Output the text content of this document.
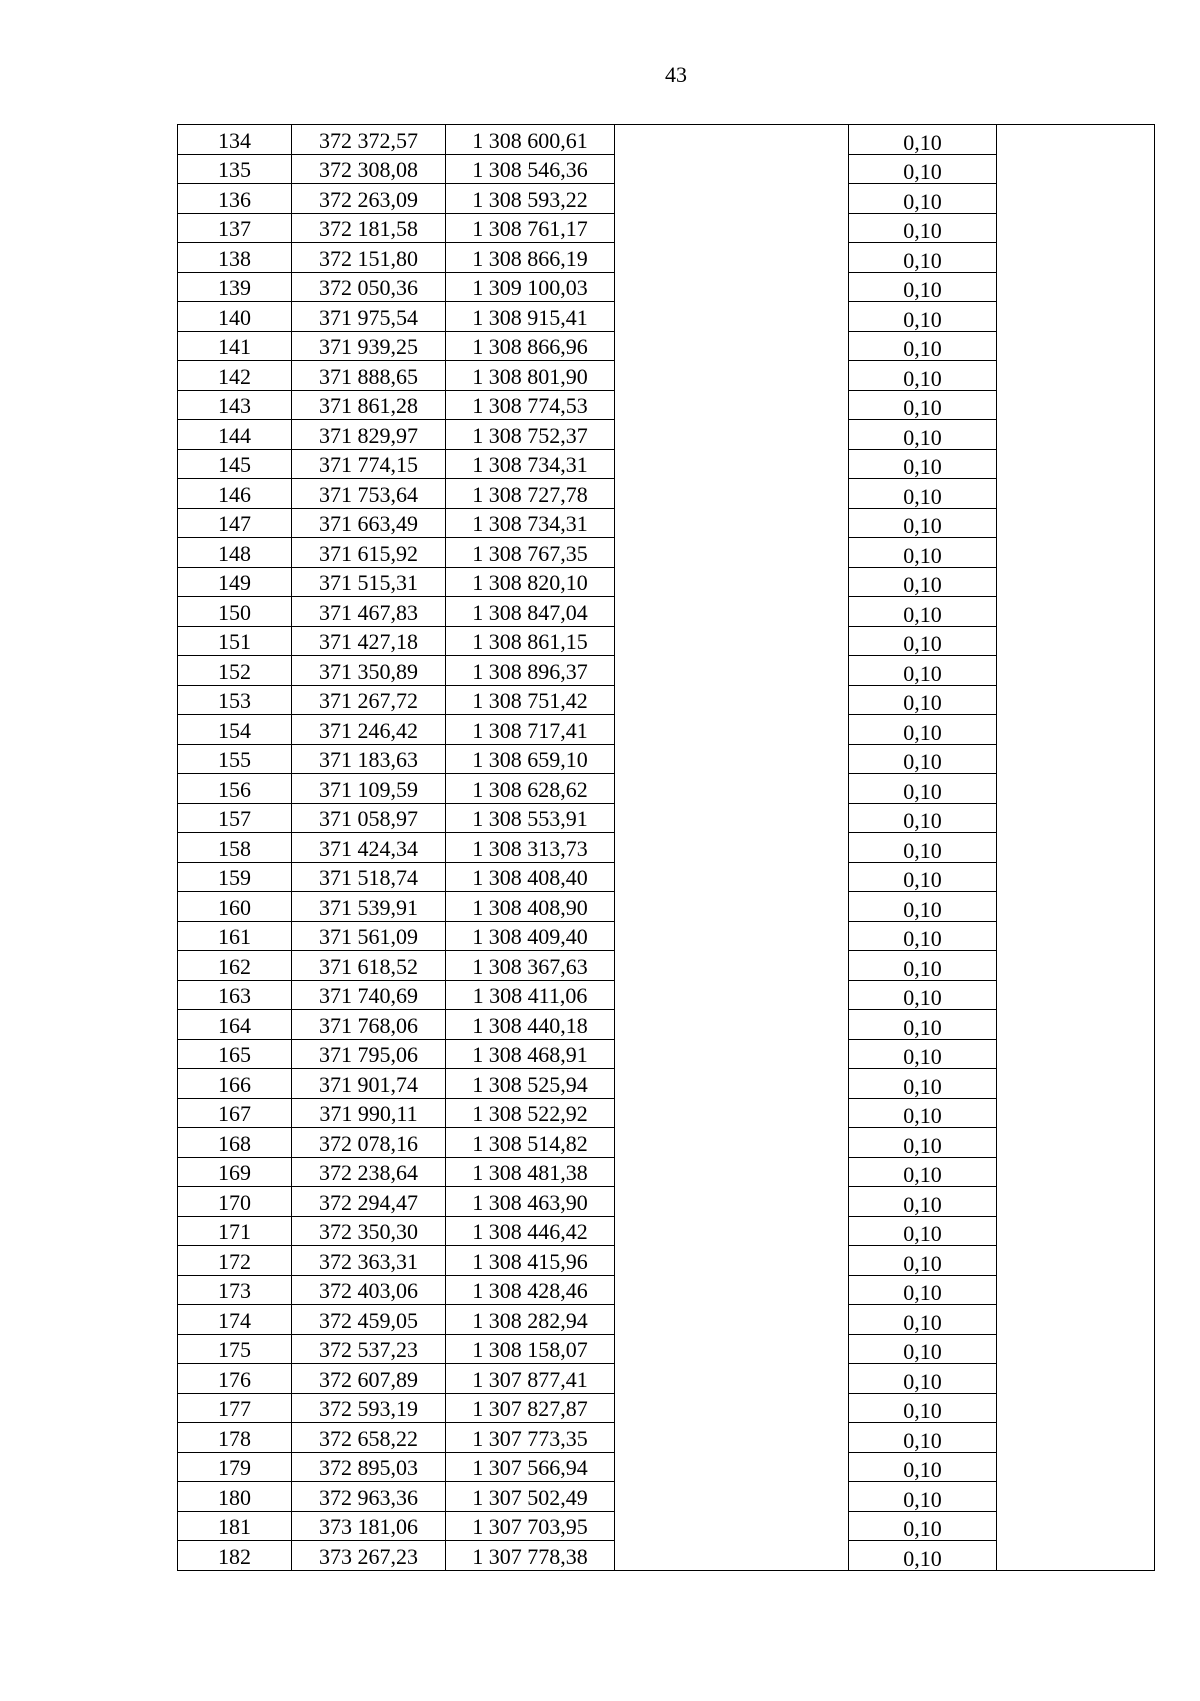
43
134	372 372,57	1 308 600,61		0,10	
135	372 308,08	1 308 546,36		0,10	
136	372 263,09	1 308 593,22		0,10	
137	372 181,58	1 308 761,17		0,10	
138	372 151,80	1 308 866,19		0,10	
139	372 050,36	1 309 100,03		0,10	
140	371 975,54	1 308 915,41		0,10	
141	371 939,25	1 308 866,96		0,10	
142	371 888,65	1 308 801,90		0,10	
143	371 861,28	1 308 774,53		0,10	
144	371 829,97	1 308 752,37		0,10	
145	371 774,15	1 308 734,31		0,10	
146	371 753,64	1 308 727,78		0,10	
147	371 663,49	1 308 734,31		0,10	
148	371 615,92	1 308 767,35		0,10	
149	371 515,31	1 308 820,10		0,10	
150	371 467,83	1 308 847,04		0,10	
151	371 427,18	1 308 861,15		0,10	
152	371 350,89	1 308 896,37		0,10	
153	371 267,72	1 308 751,42		0,10	
154	371 246,42	1 308 717,41		0,10	
155	371 183,63	1 308 659,10		0,10	
156	371 109,59	1 308 628,62		0,10	
157	371 058,97	1 308 553,91		0,10	
158	371 424,34	1 308 313,73		0,10	
159	371 518,74	1 308 408,40		0,10	
160	371 539,91	1 308 408,90		0,10	
161	371 561,09	1 308 409,40		0,10	
162	371 618,52	1 308 367,63		0,10	
163	371 740,69	1 308 411,06		0,10	
164	371 768,06	1 308 440,18		0,10	
165	371 795,06	1 308 468,91		0,10	
166	371 901,74	1 308 525,94		0,10	
167	371 990,11	1 308 522,92		0,10	
168	372 078,16	1 308 514,82		0,10	
169	372 238,64	1 308 481,38		0,10	
170	372 294,47	1 308 463,90		0,10	
171	372 350,30	1 308 446,42		0,10	
172	372 363,31	1 308 415,96		0,10	
173	372 403,06	1 308 428,46		0,10	
174	372 459,05	1 308 282,94		0,10	
175	372 537,23	1 308 158,07		0,10	
176	372 607,89	1 307 877,41		0,10	
177	372 593,19	1 307 827,87		0,10	
178	372 658,22	1 307 773,35		0,10	
179	372 895,03	1 307 566,94		0,10	
180	372 963,36	1 307 502,49		0,10	
181	373 181,06	1 307 703,95		0,10	
182	373 267,23	1 307 778,38		0,10	
